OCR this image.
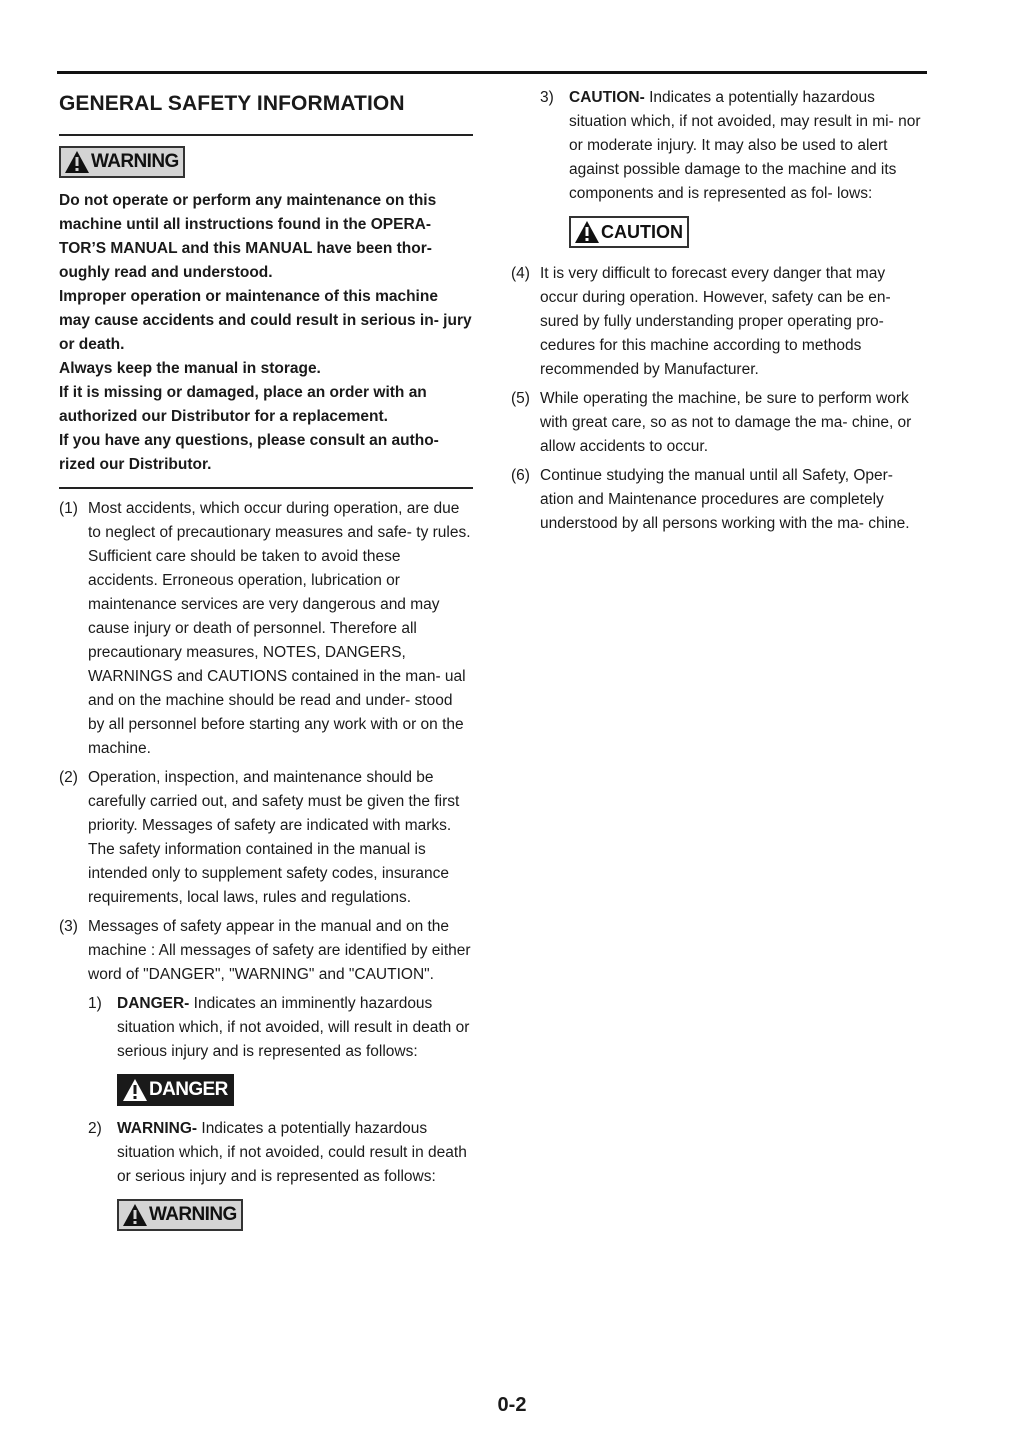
GENERAL SAFETY INFORMATION
WARNING

Do not operate or perform any maintenance on this machine until all instructions found in the OPERA- TOR’S MANUAL and this MANUAL have been thor- oughly read and understood.

Improper operation or maintenance of this machine may cause accidents and could result in serious in- jury or death.

Always keep the manual in storage.

If it is missing or damaged, place an order with an authorized our Distributor for a replacement.

If you have any questions, please consult an autho- rized our Distributor.

(1) Most accidents, which occur during operation, are due to neglect of precautionary measures and safe- ty rules. Sufficient care should be taken to avoid these accidents. Erroneous operation, lubrication or maintenance services are very dangerous and may cause injury or death of personnel. Therefore all precautionary measures, NOTES, DANGERS, WARNINGS and CAUTIONS contained in the man- ual and on the machine should be read and under- stood by all personnel before starting any work with or on the machine.
(2) Operation, inspection, and maintenance should be carefully carried out, and safety must be given the first priority. Messages of safety are indicated with marks. The safety information contained in the manual is intended only to supplement safety codes, insurance requirements, local laws, rules and regulations.
(3) Messages of safety appear in the manual and on the machine : All messages of safety are identified by either word of "DANGER", "WARNING" and "CAUTION".
1) DANGER- Indicates an imminently hazardous situation which, if not avoided, will result in death or serious injury and is represented as follows:
DANGER
2) WARNING- Indicates a potentially hazardous situation which, if not avoided, could result in death or serious injury and is represented as follows:
WARNING
3) CAUTION- Indicates a potentially hazardous situation which, if not avoided, may result in mi- nor or moderate injury. It may also be used to alert against possible damage to the machine and its components and is represented as fol- lows:
CAUTION
(4) It is very difficult to forecast every danger that may occur during operation. However, safety can be en- sured by fully understanding proper operating pro- cedures for this machine according to methods recommended by Manufacturer.
(5) While operating the machine, be sure to perform work with great care, so as not to damage the ma- chine, or allow accidents to occur.
(6) Continue studying the manual until all Safety, Oper- ation and Maintenance procedures are completely understood by all persons working with the ma- chine.
0-2
